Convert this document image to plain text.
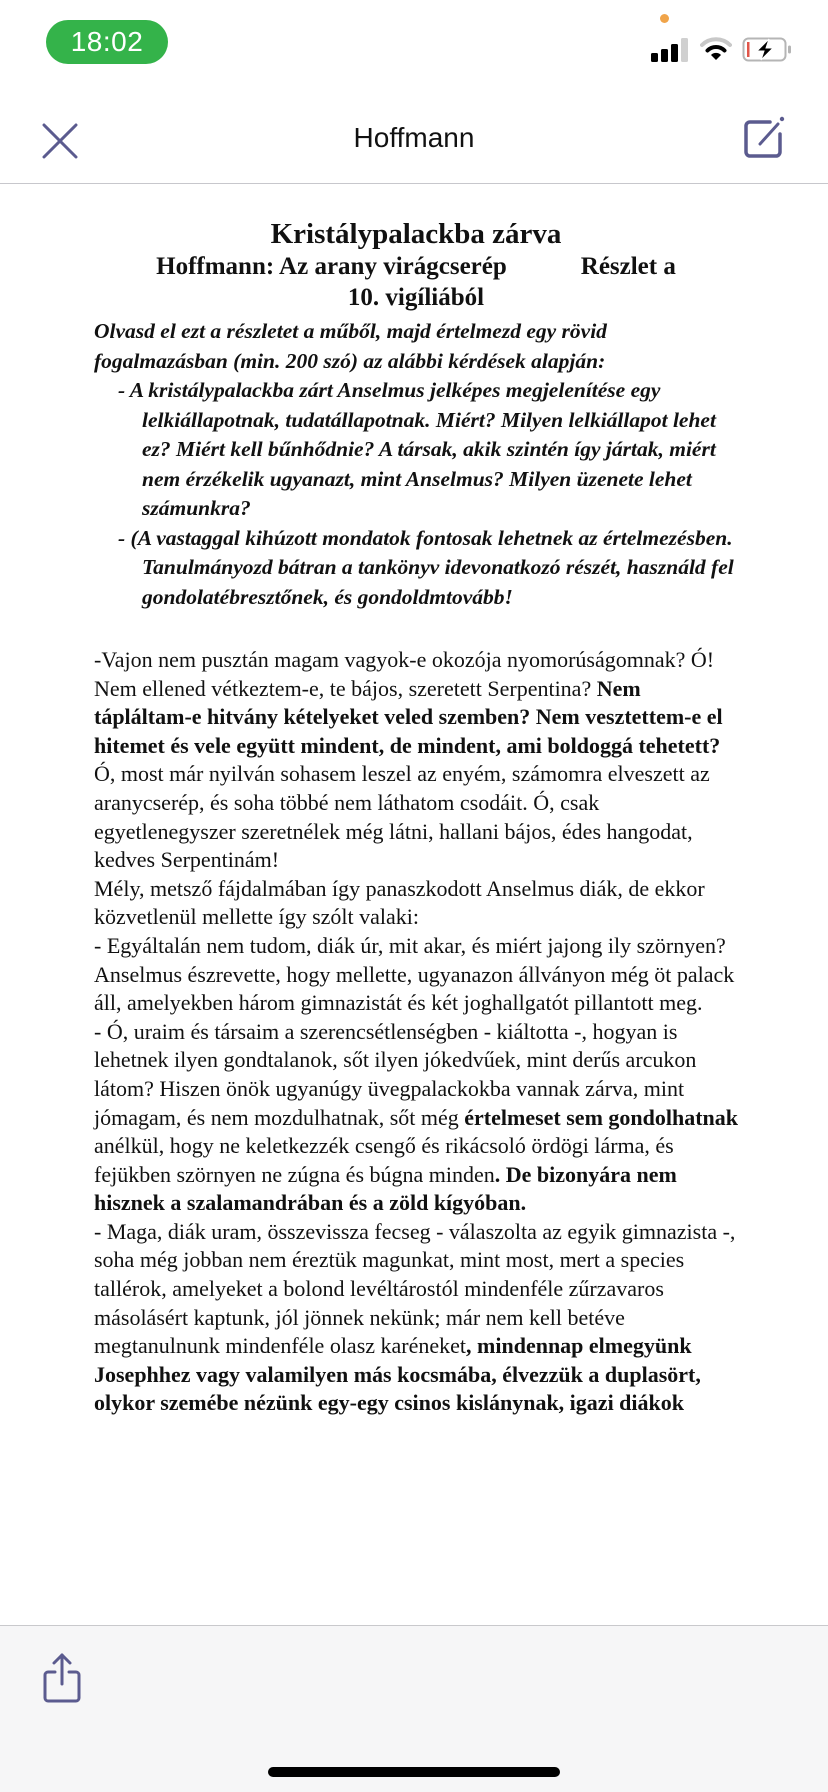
18:02
Hoffmann
Kristálypalackba zárva
Hoffmann: Az arany virágcserép	Részlet a
10. vigíliából
Olvasd el ezt a részletet a műből, majd értelmezd egy rövid fogalmazásban (min. 200 szó) az alábbi kérdések alapján:
- A kristálypalackba zárt Anselmus jelképes megjelenítése egy lelkiállapotnak, tudatállapotnak. Miért? Milyen lelkiállapot lehet ez? Miért kell bűnhődnie? A társak, akik szintén így jártak, miért nem érzékelik ugyanazt, mint Anselmus? Milyen üzenete lehet számunkra?
- (A vastaggal kihúzott mondatok fontosak lehetnek az értelmezésben. Tanulmányozd bátran a tankönyv idevonatkozó részét, használd fel gondolatébresztőnek, és gondoldmtovább!

-Vajon nem pusztán magam vagyok-e okozója nyomorúságomnak? Ó! Nem ellened vétkeztem-e, te bájos, szeretett Serpentina? Nem tápláltam-e hitvány kételyeket veled szemben? Nem vesztettem-e el hitemet és vele együtt mindent, de mindent, ami boldoggá tehetett? Ó, most már nyilván sohasem leszel az enyém, számomra elveszett az aranycserép, és soha többé nem láthatom csodáit. Ó, csak egyetlenegyszer szeretnélek még látni, hallani bájos, édes hangodat, kedves Serpentinám!

Mély, metsző fájdalmában így panaszkodott Anselmus diák, de ekkor közvetlenül mellette így szólt valaki:

- Egyáltalán nem tudom, diák úr, mit akar, és miért jajong ily szörnyen?

Anselmus észrevette, hogy mellette, ugyanazon állványon még öt palack áll, amelyekben három gimnazistát és két joghallgatót pillantott meg.

- Ó, uraim és társaim a szerencsétlenségben - kiáltotta -, hogyan is lehetnek ilyen gondtalanok, sőt ilyen jókedvűek, mint derűs arcukon látom? Hiszen önök ugyanúgy üvegpalackokba vannak zárva, mint jómagam, és nem mozdulhatnak, sőt még értelmeset sem gondolhatnak anélkül, hogy ne keletkezzék csengő és rikácsoló ördögi lárma, és fejükben szörnyen ne zúgna és búgna minden. De bizonyára nem hisznek a szalamandrában és a zöld kígyóban.

- Maga, diák uram, összevissza fecseg - válaszolta az egyik gimnazista -, soha még jobban nem éreztük magunkat, mint most, mert a species tallérok, amelyeket a bolond levéltárostól mindenféle zűrzavaros másolásért kaptunk, jól jönnek nekünk; már nem kell betéve megtanulnunk mindenféle olasz karéneket, mindennap elmegyünk Josephhez vagy valamilyen más kocsmába, élvezzük a duplasört, olykor szemébe nézünk egy-egy csinos kislánynak, igazi diákok
